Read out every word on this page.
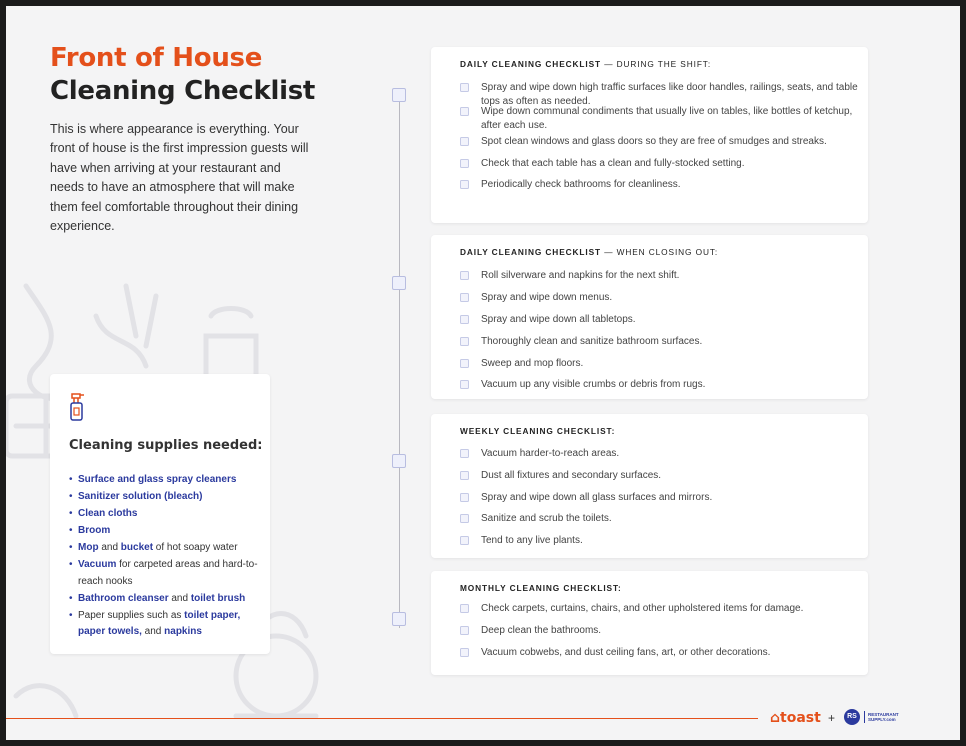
Front of House
Cleaning Checklist

This is where appearance is everything. Your front of house is the first impression guests will have when arriving at your restaurant and needs to have an atmosphere that will make them feel comfortable throughout their dining experience.

Cleaning supplies needed:
• Surface and glass spray cleaners
• Sanitizer solution (bleach)
• Clean cloths
• Broom
• Mop and bucket of hot soapy water
• Vacuum for carpeted areas and hard-to-reach nooks
• Bathroom cleanser and toilet brush
• Paper supplies such as toilet paper, paper towels, and napkins
DAILY CLEANING CHECKLIST — DURING THE SHIFT:
Spray and wipe down high traffic surfaces like door handles, railings, seats, and table tops as often as needed.
Wipe down communal condiments that usually live on tables, like bottles of ketchup, after each use.
Spot clean windows and glass doors so they are free of smudges and streaks.
Check that each table has a clean and fully-stocked setting.
Periodically check bathrooms for cleanliness.
DAILY CLEANING CHECKLIST — WHEN CLOSING OUT:
Roll silverware and napkins for the next shift.
Spray and wipe down menus.
Spray and wipe down all tabletops.
Thoroughly clean and sanitize bathroom surfaces.
Sweep and mop floors.
Vacuum up any visible crumbs or debris from rugs.
WEEKLY CLEANING CHECKLIST:
Vacuum harder-to-reach areas.
Dust all fixtures and secondary surfaces.
Spray and wipe down all glass surfaces and mirrors.
Sanitize and scrub the toilets.
Tend to any live plants.
MONTHLY CLEANING CHECKLIST:
Check carpets, curtains, chairs, and other upholstered items for damage.
Deep clean the bathrooms.
Vacuum cobwebs, and dust ceiling fans, art, or other decorations.
⌂toast +	RS	RESTAURANT SUPPLY.com
